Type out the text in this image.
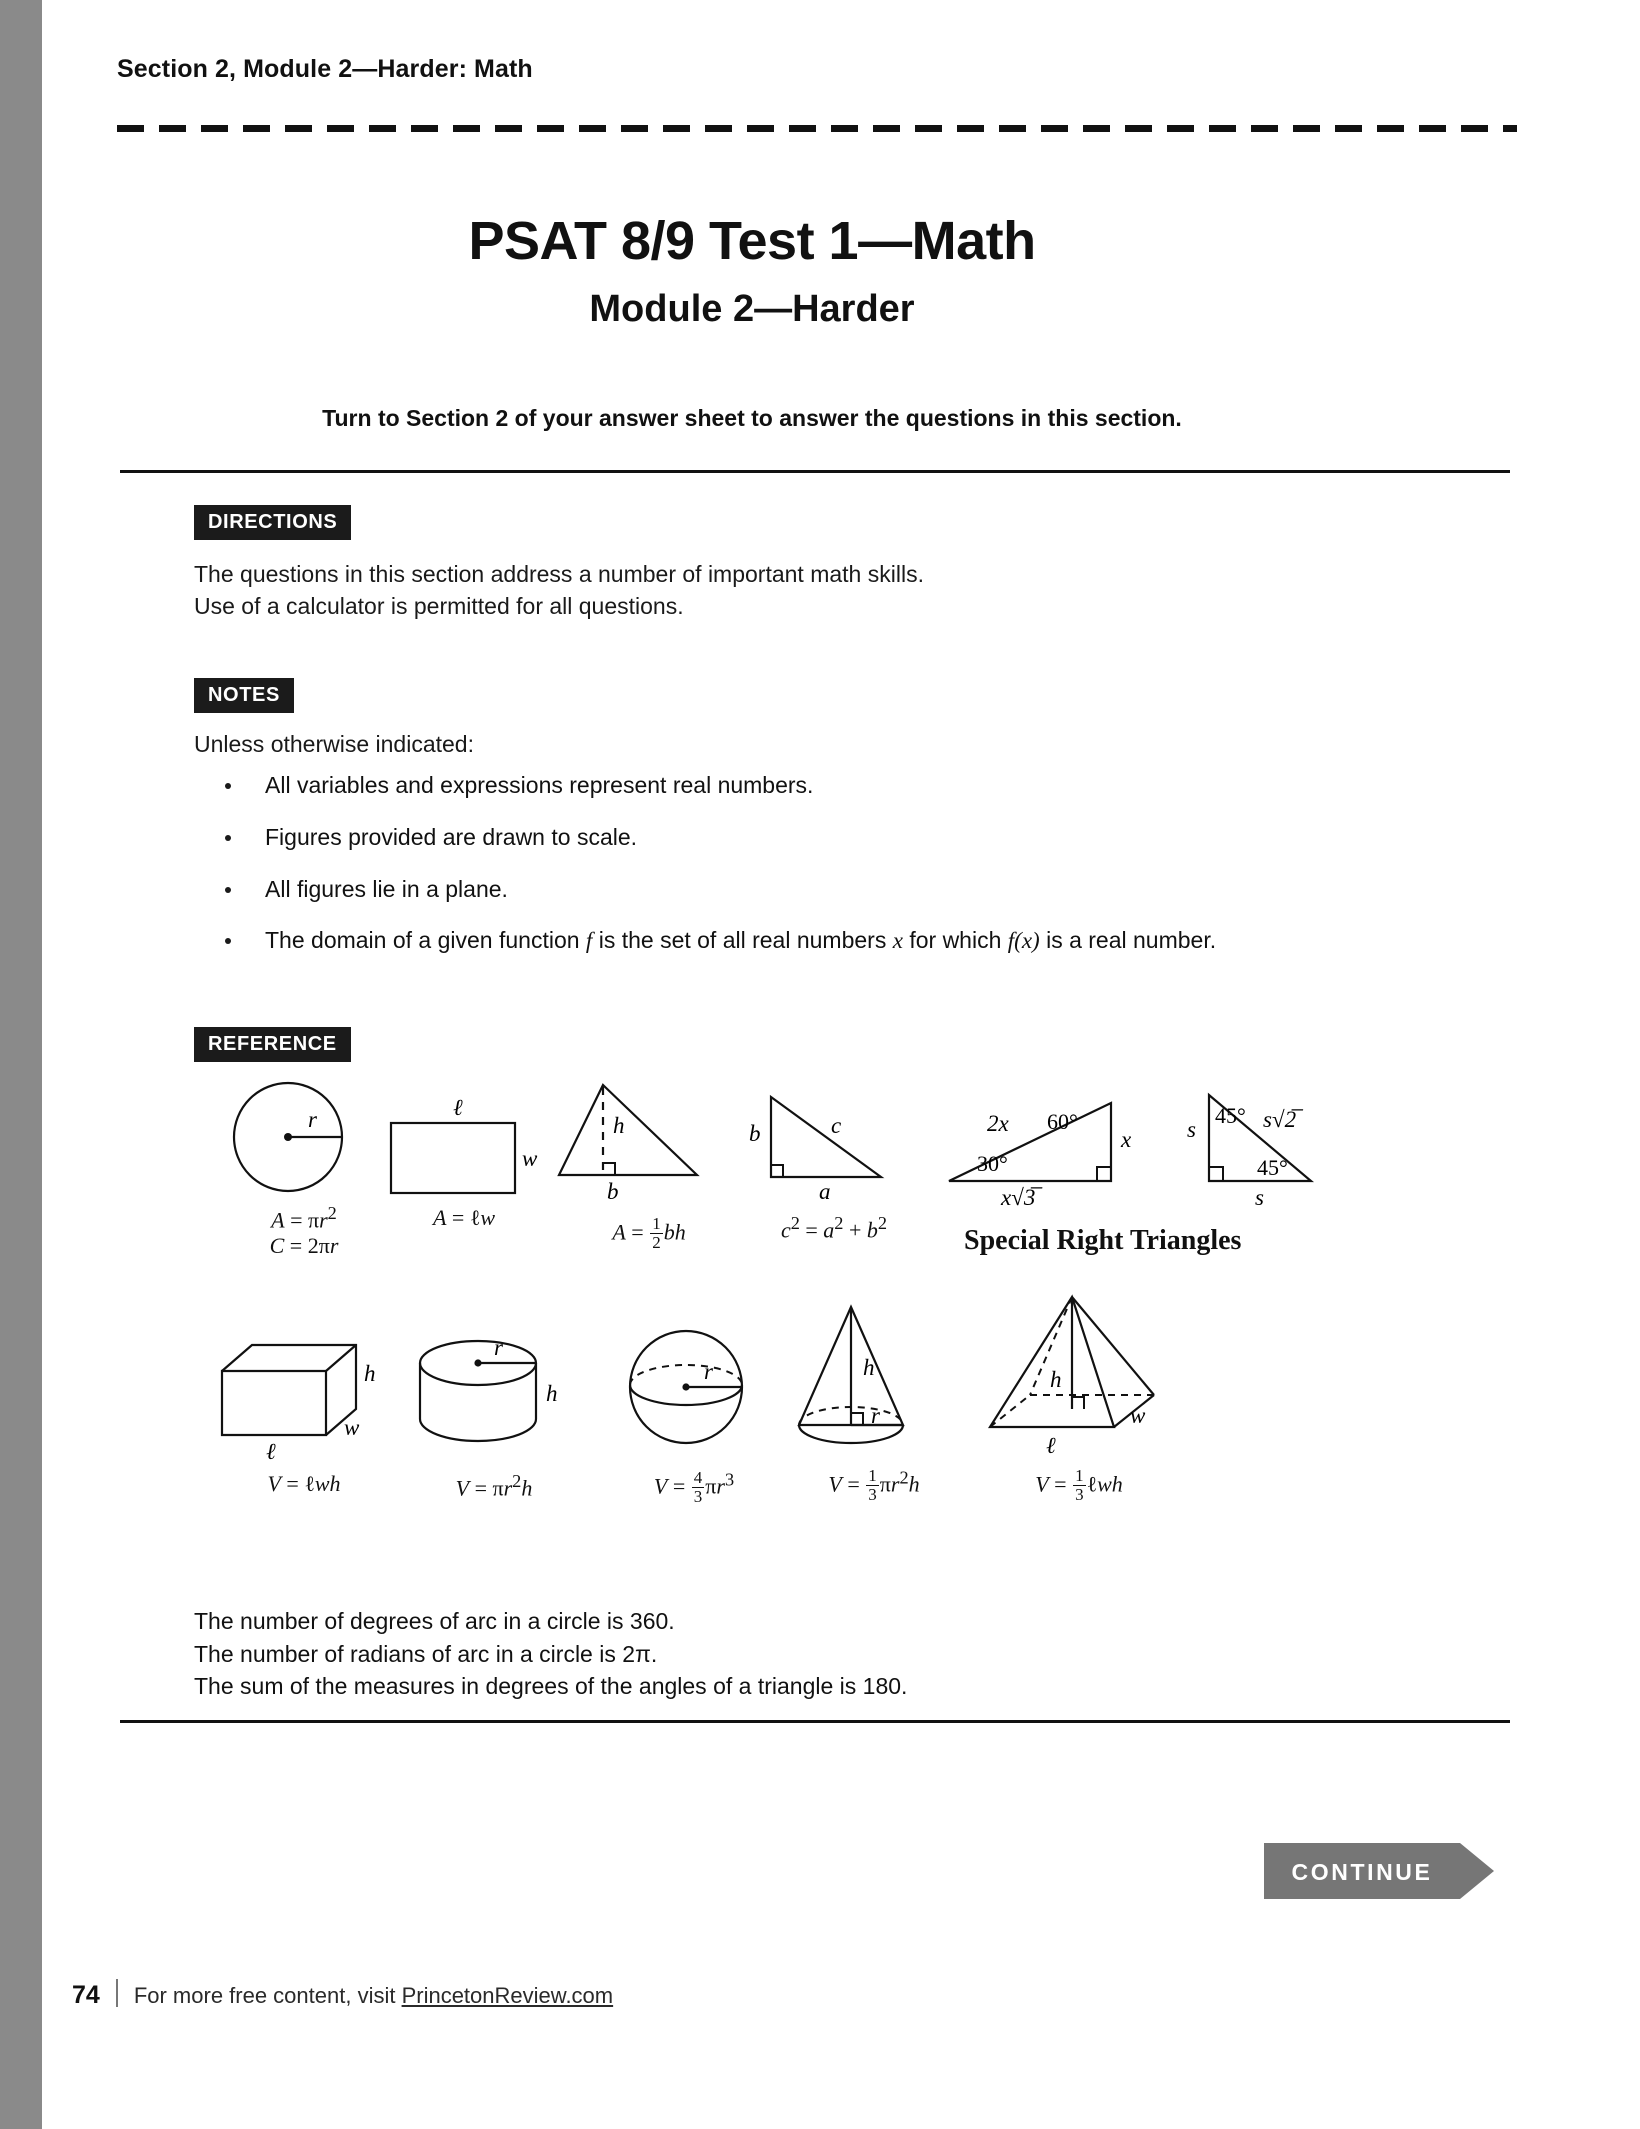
Section 2, Module 2—Harder: Math
PSAT 8/9 Test 1—Math
Module 2—Harder
Turn to Section 2 of your answer sheet to answer the questions in this section.
DIRECTIONS
The questions in this section address a number of important math skills.
Use of a calculator is permitted for all questions.
NOTES
Unless otherwise indicated:
All variables and expressions represent real numbers.
Figures provided are drawn to scale.
All figures lie in a plane.
The domain of a given function f is the set of all real numbers x for which f(x) is a real number.
REFERENCE
r
$A = \pi r^2$
C = 2πr
ℓ
w
A = ℓw
h
b
$A = \frac{1}{2}$ bh
b	c
a
$c^2 = a^2 + b^2$
2x 60°
x
30°
x√3̅
s
45° s√2̅
45°
s
Special Right Triangles
h
w
ℓ
V = ℓwh
r
h
$V = \pi r^2h$
r
$V = \frac{4}{3} \pi r^3$
h
r
$V = \frac{1}{3} \pi r^2h$
h
w
ℓ
$V = \frac{1}{3}$ ℓwh
The number of degrees of arc in a circle is 360.
The number of radians of arc in a circle is 2π.
The sum of the measures in degrees of the angles of a triangle is 180.
CONTINUE
74 For more free content, visit PrincetonReview.com
